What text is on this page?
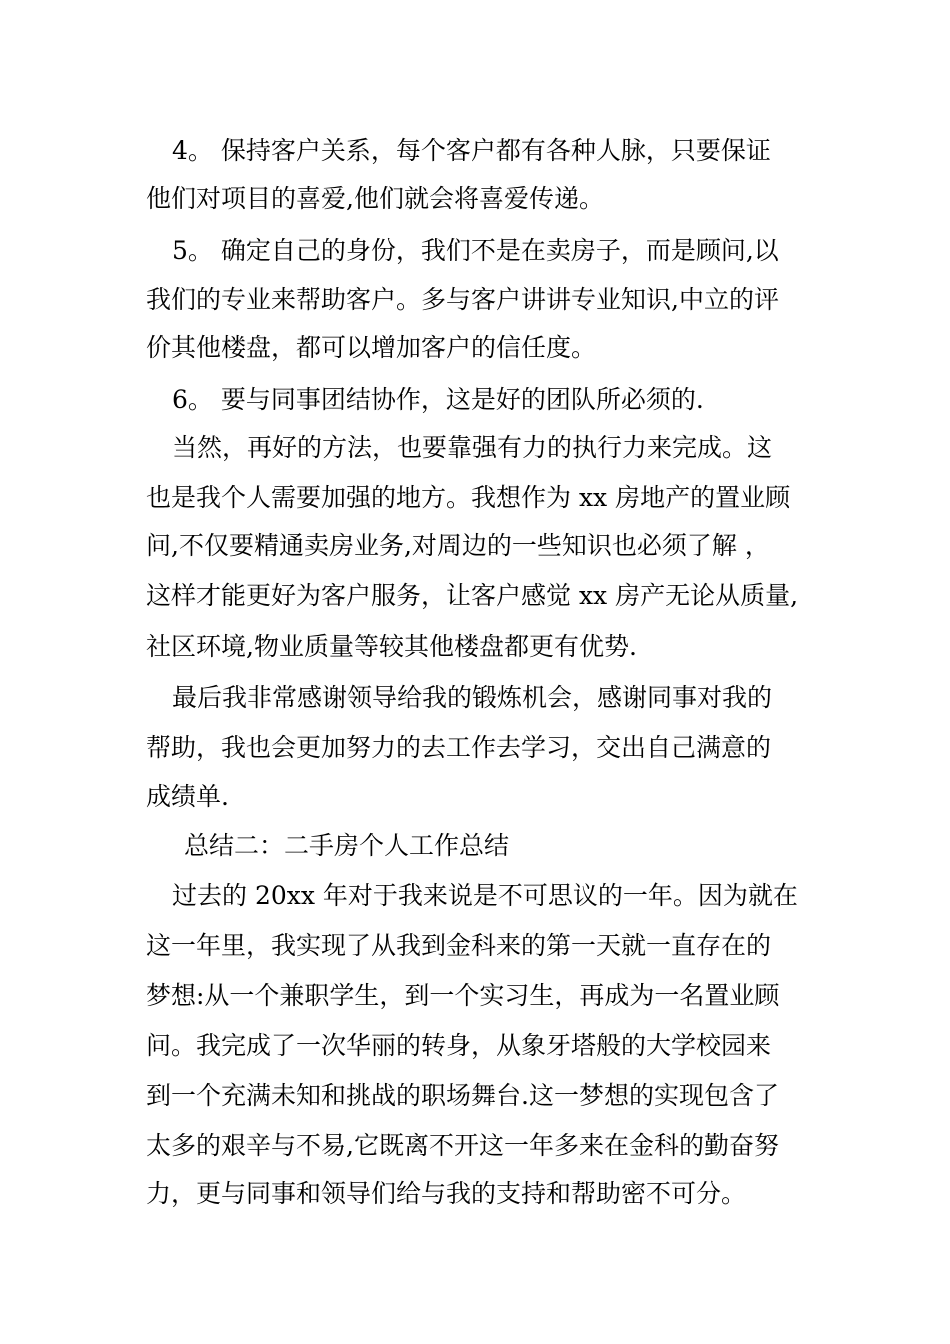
4。 保持客户关系，每个客户都有各种人脉，只要保证

他们对项目的喜爱,他们就会将喜爱传递。

5。 确定自己的身份，我们不是在卖房子，而是顾问,以

我们的专业来帮助客户。多与客户讲讲专业知识,中立的评

价其他楼盘，都可以增加客户的信任度。

6。 要与同事团结协作，这是好的团队所必须的.

当然，再好的方法，也要靠强有力的执行力来完成。这

也是我个人需要加强的地方。我想作为 xx 房地产的置业顾

问,不仅要精通卖房业务,对周边的一些知识也必须了解 ，

这样才能更好为客户服务，让客户感觉 xx 房产无论从质量,

社区环境,物业质量等较其他楼盘都更有优势.

最后我非常感谢领导给我的锻炼机会，感谢同事对我的

帮助，我也会更加努力的去工作去学习，交出自己满意的

成绩单.

总结二：二手房个人工作总结

过去的 20xx 年对于我来说是不可思议的一年。因为就在

这一年里，我实现了从我到金科来的第一天就一直存在的

梦想:从一个兼职学生，到一个实习生，再成为一名置业顾

问。我完成了一次华丽的转身，从象牙塔般的大学校园来

到一个充满未知和挑战的职场舞台.这一梦想的实现包含了

太多的艰辛与不易,它既离不开这一年多来在金科的勤奋努

力，更与同事和领导们给与我的支持和帮助密不可分。
